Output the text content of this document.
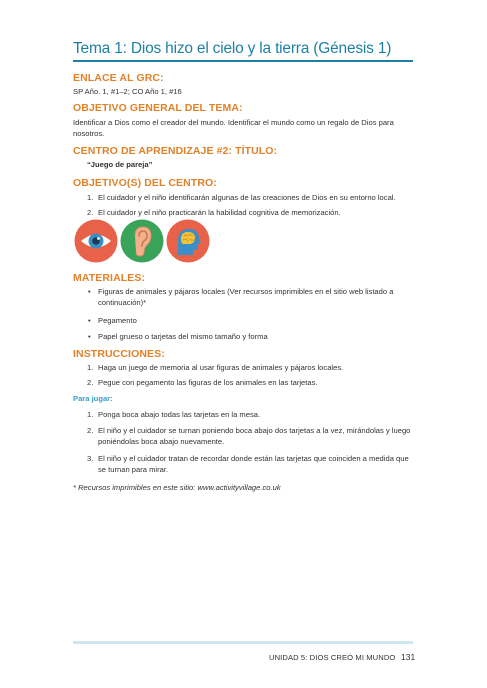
Tema 1: Dios hizo el cielo y la tierra (Génesis 1)
ENLACE AL GRC:
SP Año. 1, #1–2; CO Año 1, #16
OBJETIVO GENERAL DEL TEMA:
Identificar a Dios como el creador del mundo. Identificar el mundo como un regalo de Dios para nosotros.
CENTRO DE APRENDIZAJE #2: TÍTULO:
“Juego de pareja”
OBJETIVO(S) DEL CENTRO:
1. El cuidador y el niño identificarán algunas de las creaciones de Dios en su entorno local.
2. El cuidador y el niño practicarán la habilidad cognitiva de memorización.
MATERIALES:
• Figuras de animales y pájaros locales (Ver recursos imprimibles en el sitio web listado a continuación)*
• Pegamento
• Papel grueso o tarjetas del mismo tamaño y forma
INSTRUCCIONES:
1. Haga un juego de memoria al usar figuras de animales y pájaros locales.
2. Pegue con pegamento las figuras de los animales en las tarjetas.
Para jugar:
1. Ponga boca abajo todas las tarjetas en la mesa.
2. El niño y el cuidador se turnan poniendo boca abajo dos tarjetas a la vez, mirándolas y luego poniéndolas boca abajo nuevamente.
3. El niño y el cuidador tratan de recordar donde están las tarjetas que coinciden a medida que se turnan para mirar.
* Recursos imprimibles en este sitio: www.activityvillage.co.uk
UNIDAD 5: DIOS CREÓ MI MUNDO 131
